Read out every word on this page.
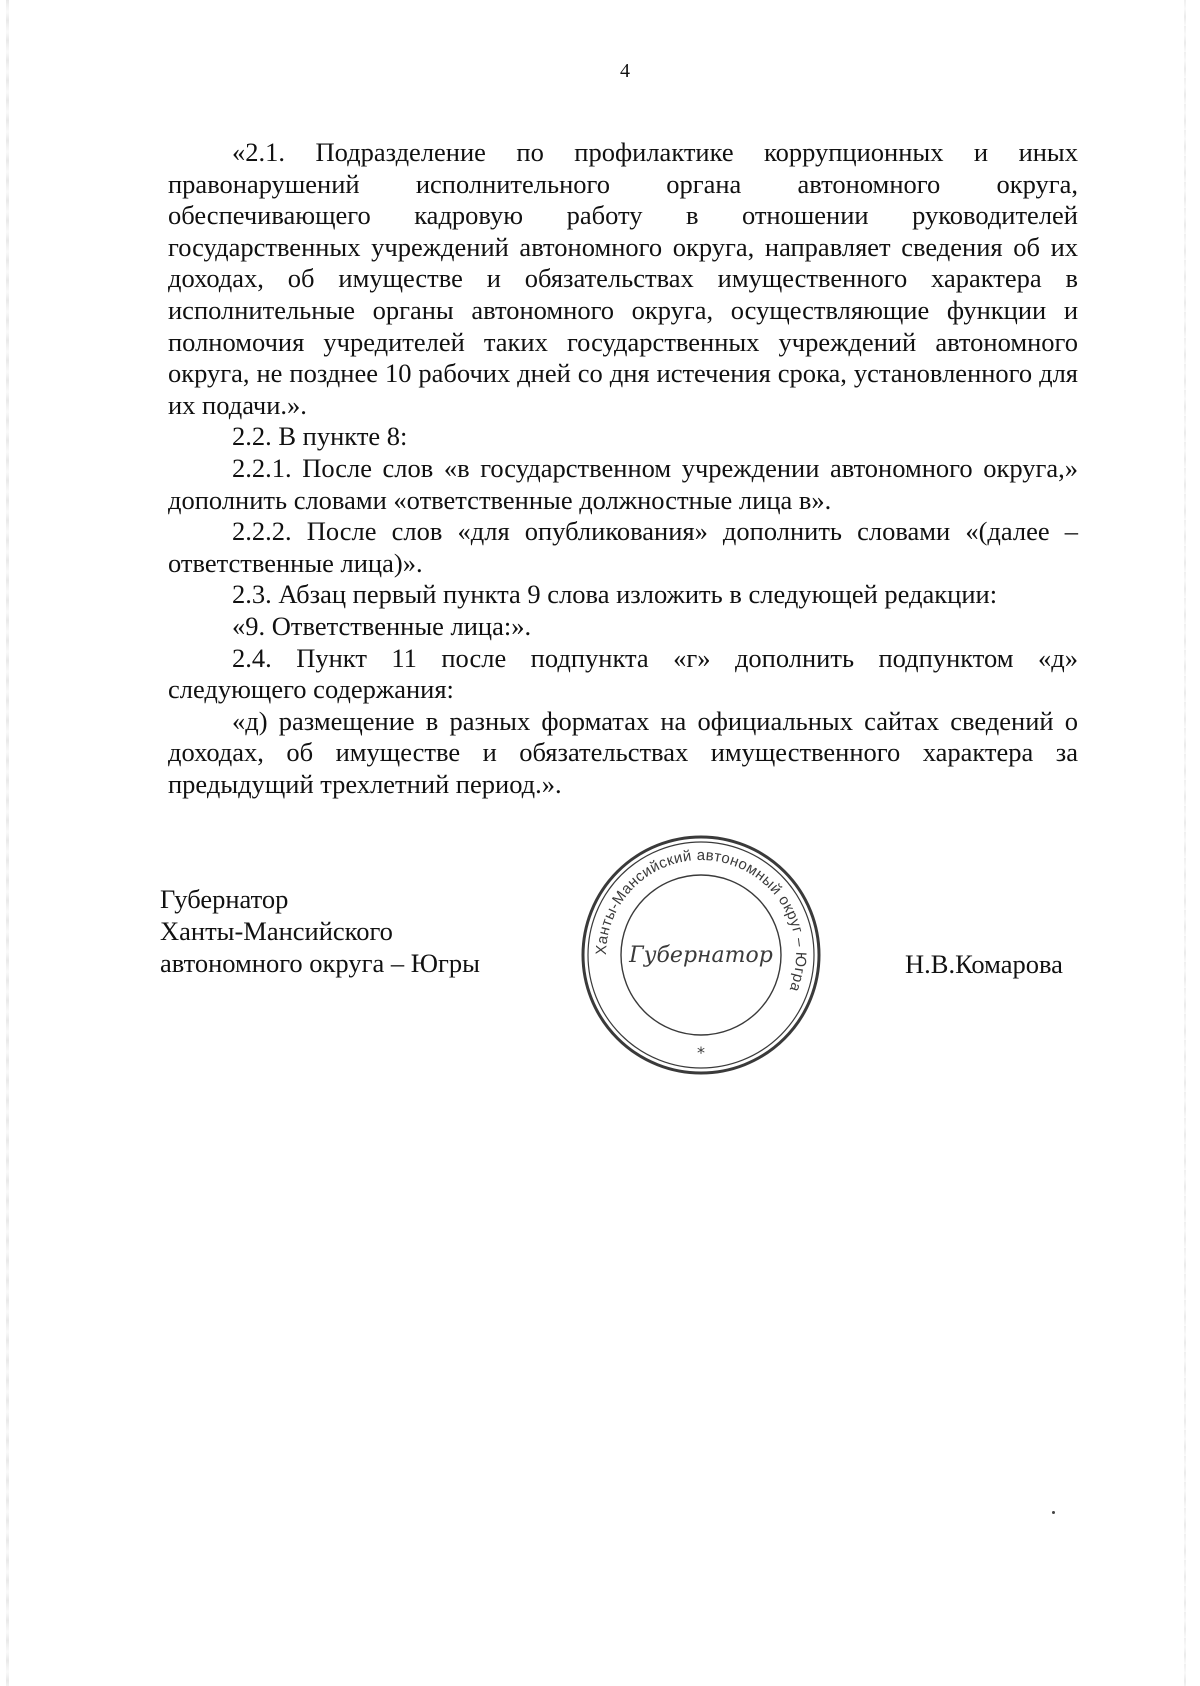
4

«2.1. Подразделение по профилактике коррупционных и иных правонарушений исполнительного органа автономного округа, обеспечивающего кадровую работу в отношении руководителей государственных учреждений автономного округа, направляет сведения об их доходах, об имуществе и обязательствах имущественного характера в исполнительные органы автономного округа, осуществляющие функции и полномочия учредителей таких государственных учреждений автономного округа, не позднее 10 рабочих дней со дня истечения срока, установленного для их подачи.».

2.2. В пункте 8:

2.2.1. После слов «в государственном учреждении автономного округа,» дополнить словами «ответственные должностные лица в».

2.2.2. После слов «для опубликования» дополнить словами «(далее – ответственные лица)».

2.3. Абзац первый пункта 9 слова изложить в следующей редакции:

«9. Ответственные лица:».

2.4. Пункт 11 после подпункта «г» дополнить подпунктом «д» следующего содержания:

«д) размещение в разных форматах на официальных сайтах сведений о доходах, об имуществе и обязательствах имущественного характера за предыдущий трехлетний период.».

Губернатор
Ханты-Мансийского
автономного округа – Югры	Ханты-Мансийский автономный округ – Югра
Губернатор
*
Н.В.Комарова
